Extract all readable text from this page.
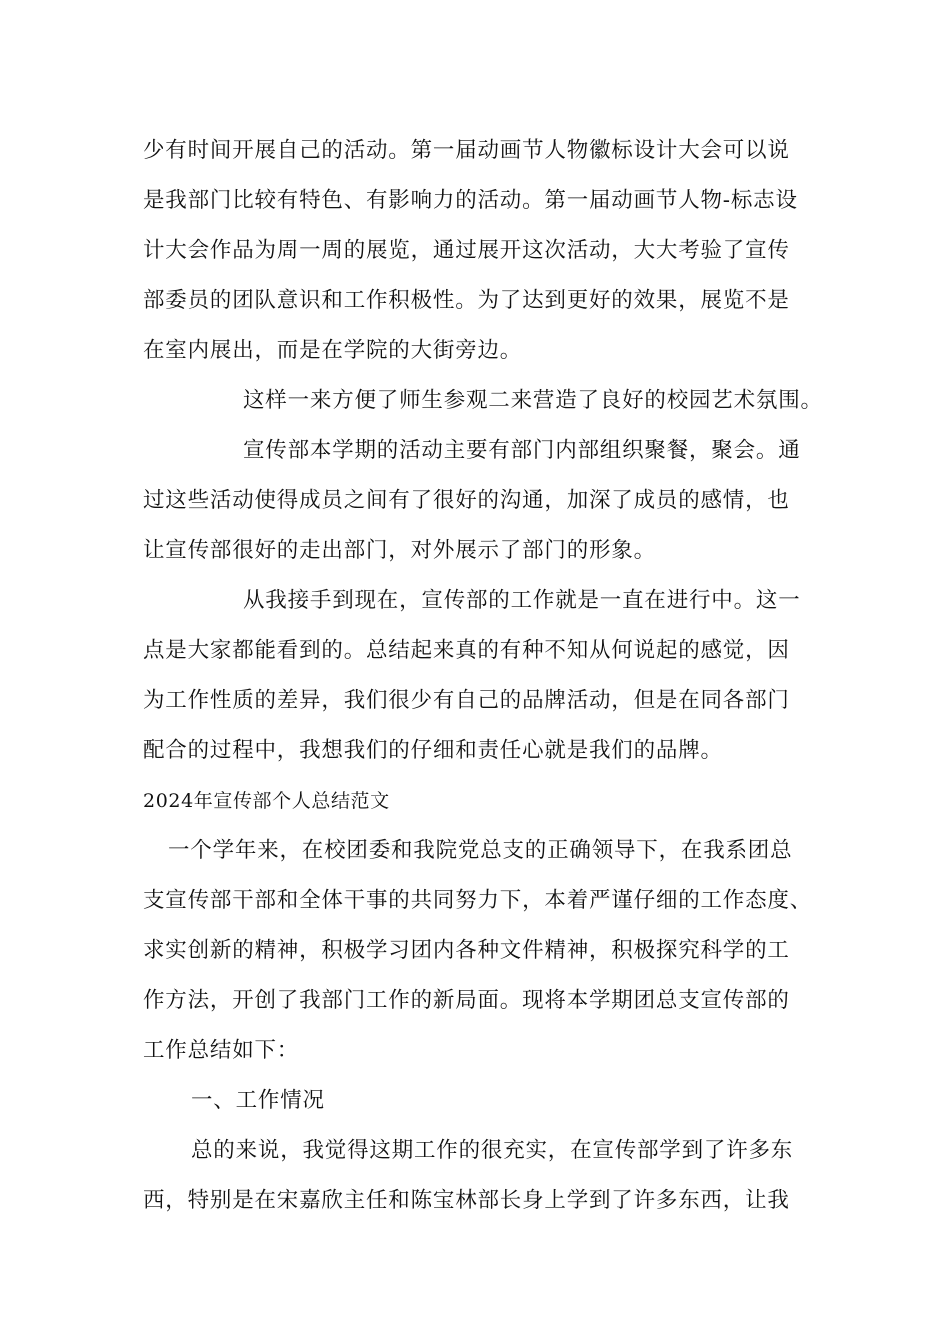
少有时间开展自己的活动。第一届动画节人物徽标设计大会可以说
是我部门比较有特色、有影响力的活动。第一届动画节人物-标志设
计大会作品为周一周的展览，通过展开这次活动，大大考验了宣传
部委员的团队意识和工作积极性。为了达到更好的效果，展览不是
在室内展出，而是在学院的大街旁边。
这样一来方便了师生参观二来营造了良好的校园艺术氛围。
宣传部本学期的活动主要有部门内部组织聚餐，聚会。通
过这些活动使得成员之间有了很好的沟通，加深了成员的感情，也
让宣传部很好的走出部门，对外展示了部门的形象。
从我接手到现在，宣传部的工作就是一直在进行中。这一
点是大家都能看到的。总结起来真的有种不知从何说起的感觉，因
为工作性质的差异，我们很少有自己的品牌活动，但是在同各部门
配合的过程中，我想我们的仔细和责任心就是我们的品牌。
2024年宣传部个人总结范文
一个学年来，在校团委和我院党总支的正确领导下，在我系团总
支宣传部干部和全体干事的共同努力下，本着严谨仔细的工作态度、
求实创新的精神，积极学习团内各种文件精神，积极探究科学的工
作方法，开创了我部门工作的新局面。现将本学期团总支宣传部的
工作总结如下：
一、工作情况
总的来说，我觉得这期工作的很充实，在宣传部学到了许多东
西，特别是在宋嘉欣主任和陈宝林部长身上学到了许多东西，让我
